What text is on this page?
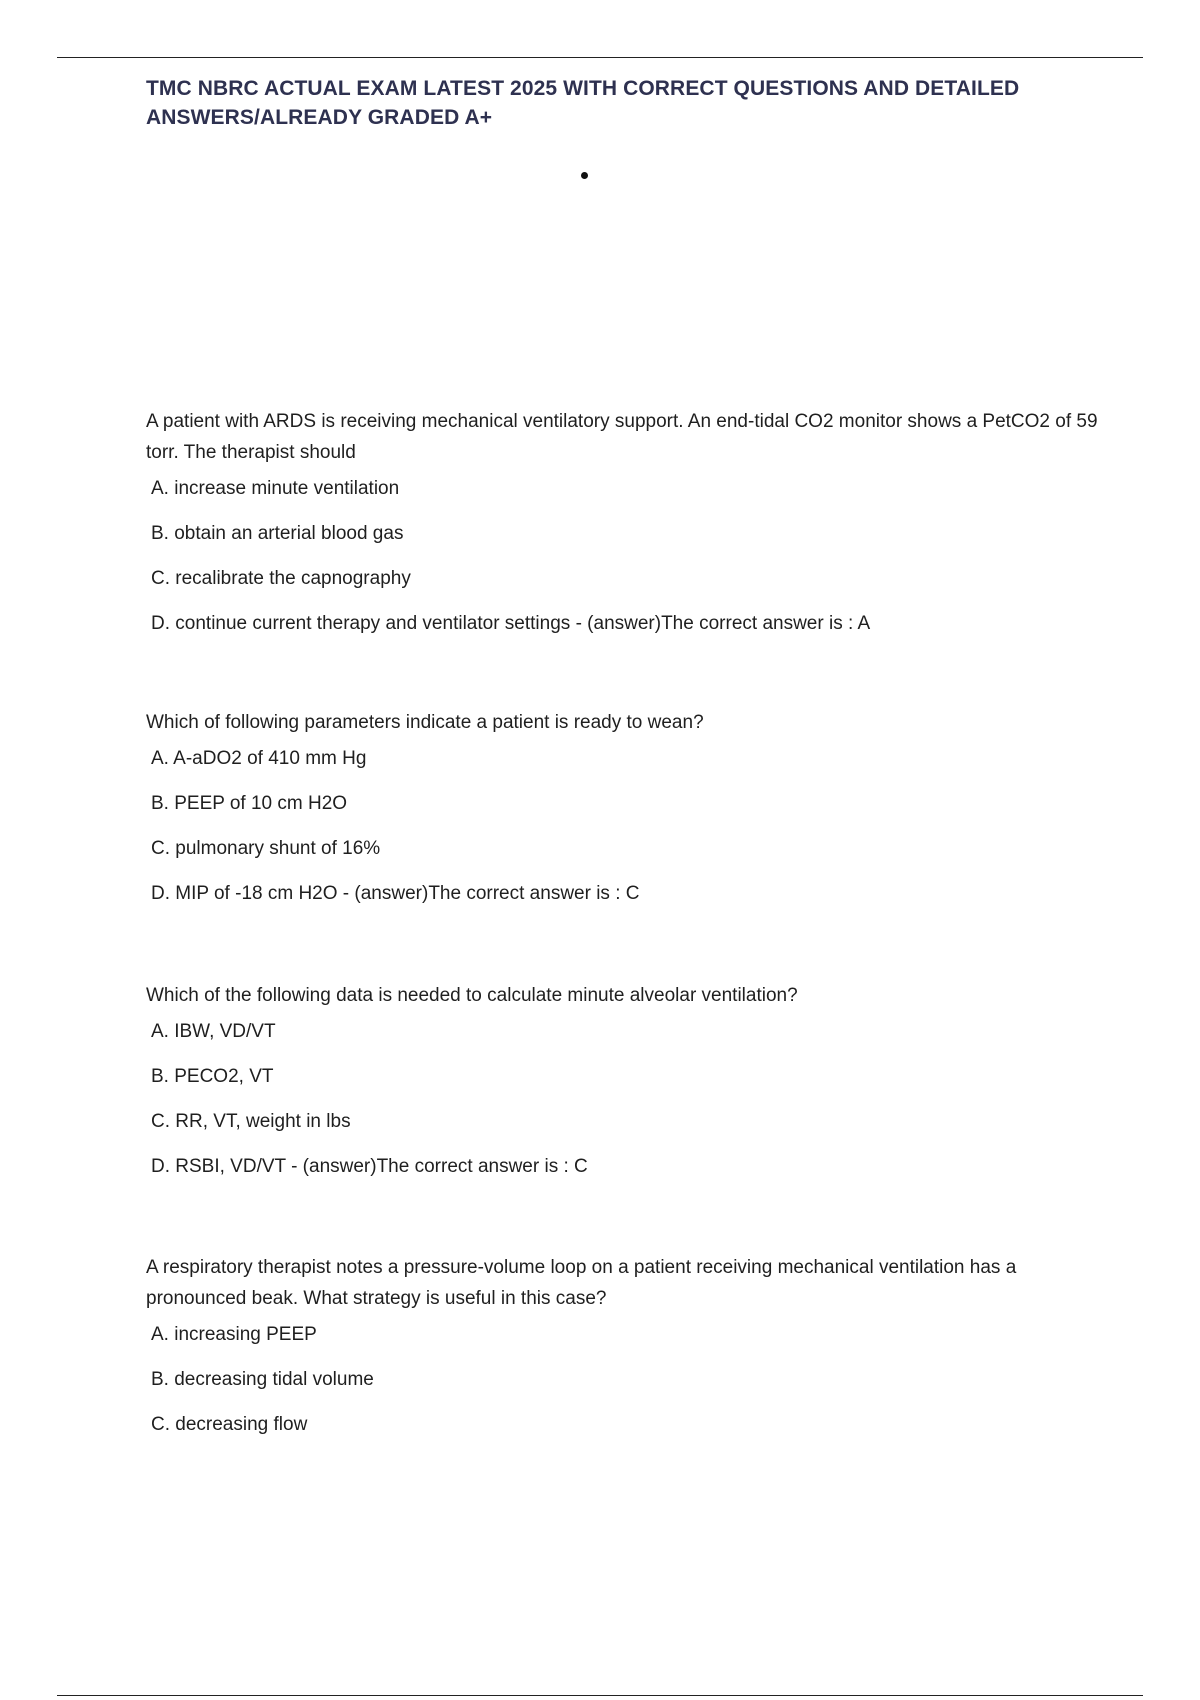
TMC NBRC ACTUAL EXAM LATEST 2025 WITH CORRECT QUESTIONS AND DETAILED ANSWERS/ALREADY GRADED A+

A patient with ARDS is receiving mechanical ventilatory support. An end-tidal CO2 monitor shows a PetCO2 of 59 torr. The therapist should

A. increase minute ventilation
B. obtain an arterial blood gas
C. recalibrate the capnography
D. continue current therapy and ventilator settings - (answer)The correct answer is : A

Which of following parameters indicate a patient is ready to wean?

A. A-aDO2 of 410 mm Hg
B. PEEP of 10 cm H2O
C. pulmonary shunt of 16%
D. MIP of -18 cm H2O - (answer)The correct answer is : C

Which of the following data is needed to calculate minute alveolar ventilation?

A. IBW, VD/VT
B. PECO2, VT
C. RR, VT, weight in lbs
D. RSBI, VD/VT - (answer)The correct answer is : C

A respiratory therapist notes a pressure-volume loop on a patient receiving mechanical ventilation has a pronounced beak. What strategy is useful in this case?

A. increasing PEEP
B. decreasing tidal volume
C. decreasing flow
